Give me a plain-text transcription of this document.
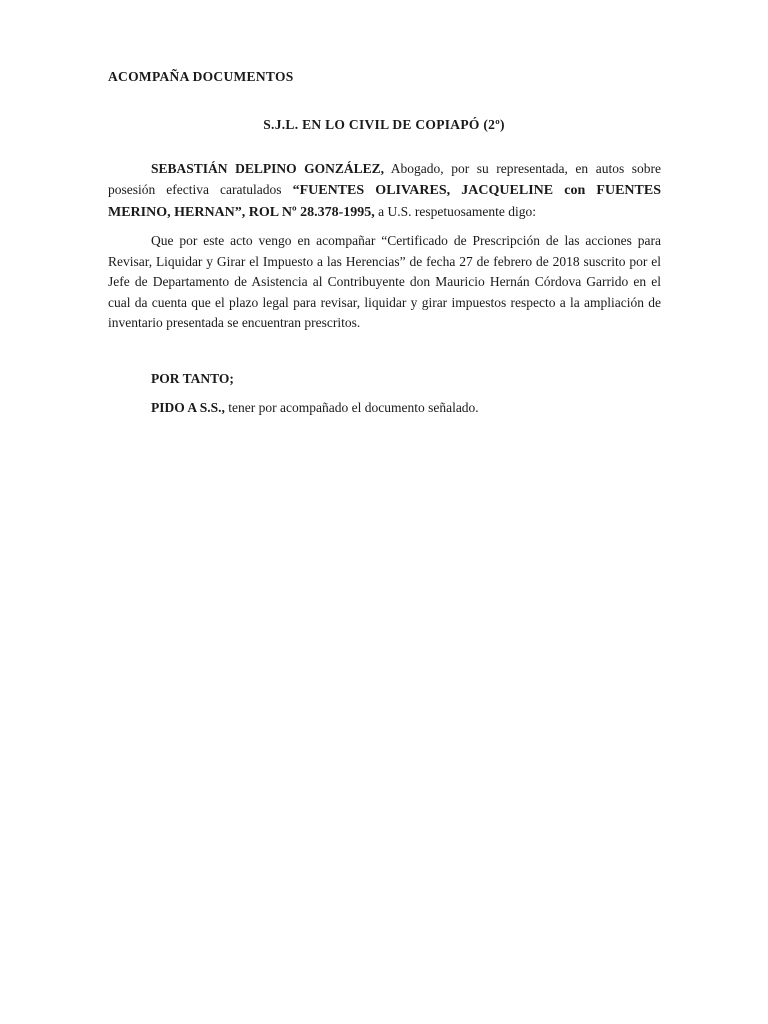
ACOMPAÑA DOCUMENTOS
S.J.L. EN LO CIVIL DE COPIAPÓ (2º)
SEBASTIÁN DELPINO GONZÁLEZ, Abogado, por su representada, en autos sobre posesión efectiva caratulados “FUENTES OLIVARES, JACQUELINE con FUENTES MERINO, HERNAN”, ROL Nº 28.378-1995, a U.S. respetuosamente digo:
Que por este acto vengo en acompañar “Certificado de Prescripción de las acciones para Revisar, Liquidar y Girar el Impuesto a las Herencias” de fecha 27 de febrero de 2018 suscrito por el Jefe de Departamento de Asistencia al Contribuyente don Mauricio Hernán Córdova Garrido en el cual da cuenta que el plazo legal para revisar, liquidar y girar impuestos respecto a la ampliación de inventario presentada se encuentran prescritos.
POR TANTO;
PIDO A S.S., tener por acompañado el documento señalado.
